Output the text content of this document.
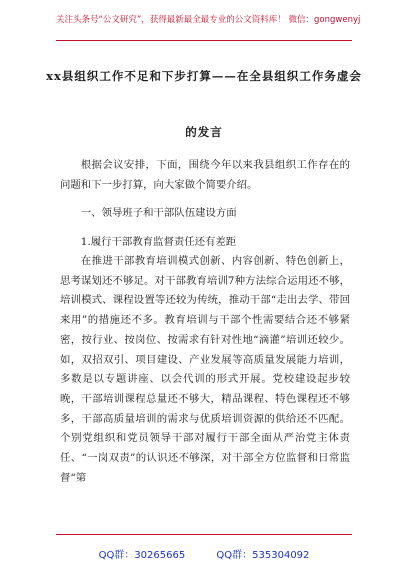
关注头条号“公文研究”，获得最新最全最专业的公文资料库！ 微信：gongwenyj
xx县组织工作不足和下步打算——在全县组织工作务虚会
的发言

根据会议安排，下面，围绕今年以来我县组织工作存在的问题和下一步打算，向大家做个简要介绍。

一、领导班子和干部队伍建设方面

1.履行干部教育监督责任还有差距

在推进干部教育培训模式创新、内容创新、特色创新上，思考谋划还不够足。对干部教育培训7种方法综合运用还不够，培训模式、课程设置等还较为传统，推动干部“走出去学、带回来用”的措施还不多。教育培训与干部个性需要结合还不够紧密，按行业、按岗位、按需求有针对性地“滴灌”培训还较少。如，双招双引、项目建设、产业发展等高质量发展能力培训，多数是以专题讲座、以会代训的形式开展。党校建设起步较晚，干部培训课程总量还不够大，精品课程、特色课程还不够多，干部高质量培训的需求与优质培训资源的供给还不匹配。个别党组织和党员领导干部对履行干部全面从严治党主体责任、“一岗双责”的认识还不够深，对干部全方位监督和日常监督“第

QQ群：30265665	QQ群：535304092
